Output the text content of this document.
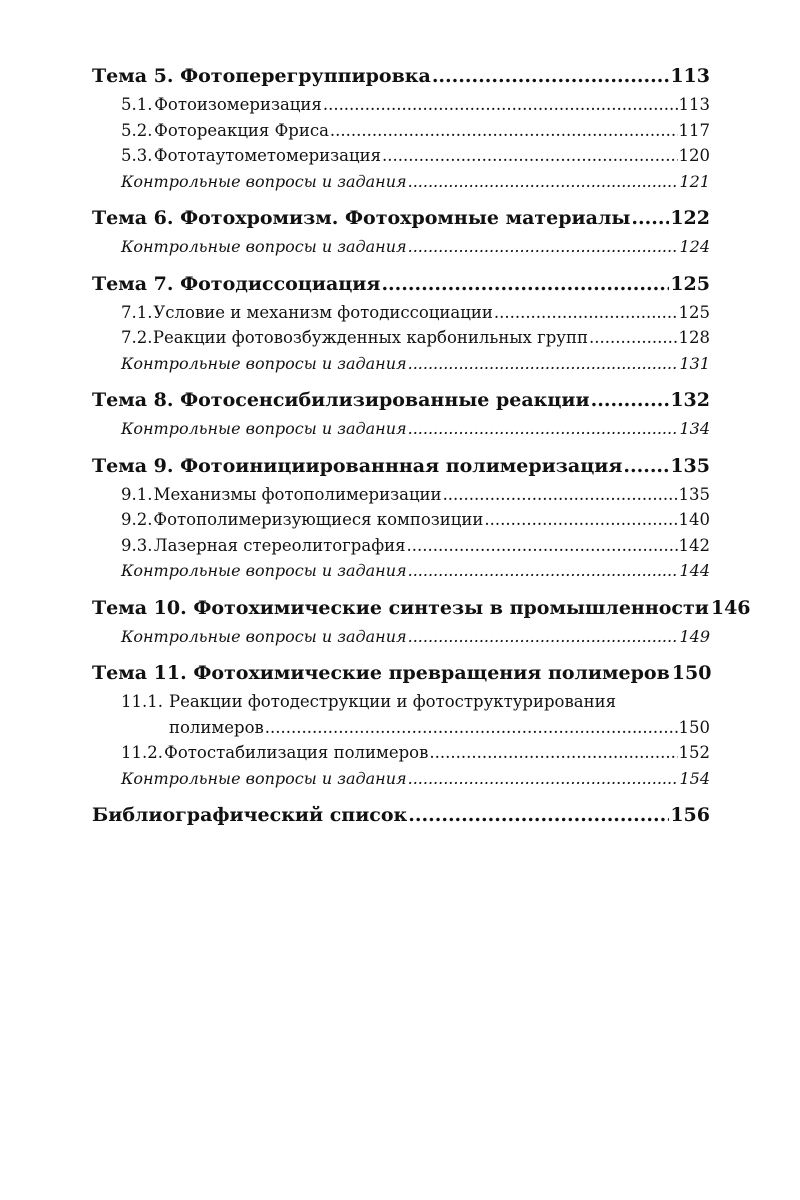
Тема 5. Фотоперегруппировка .....	113
5.1. Фотоизомеризация .....	113
5.2. Фотореакция Фриса .....	117
5.3. Фототаутометомеризация .....	120
Контрольные вопросы и задания .....	121
Тема 6. Фотохромизм. Фотохромные материалы ..... 122
Контрольные вопросы и задания .....	124
Тема 7. Фотодиссоциация .....	125
7.1. Условие и механизм фотодиссоциации .....	125
7.2. Реакции фотовозбужденных карбонильных групп .....	128
Контрольные вопросы и задания .....	131
Тема 8. Фотосенсибилизированные реакции .....	132
Контрольные вопросы и задания .....	134
Тема 9. Фотоинициированнная полимеризация .....	135
9.1. Механизмы фотополимеризации .....	135
9.2. Фотополимеризующиеся композиции .....	140
9.3. Лазерная стереолитография .....	142
Контрольные вопросы и задания .....	144
Тема 10. Фотохимические синтезы в промышленности 146
Контрольные вопросы и задания .....	149
Тема 11. Фотохимические превращения полимеров 150
11.1. Реакции фотодеструкции и фотоструктурирования
полимеров .....	150
11.2. Фотостабилизация полимеров .....	152
Контрольные вопросы и задания .....	154
Библиографический список .....	156
